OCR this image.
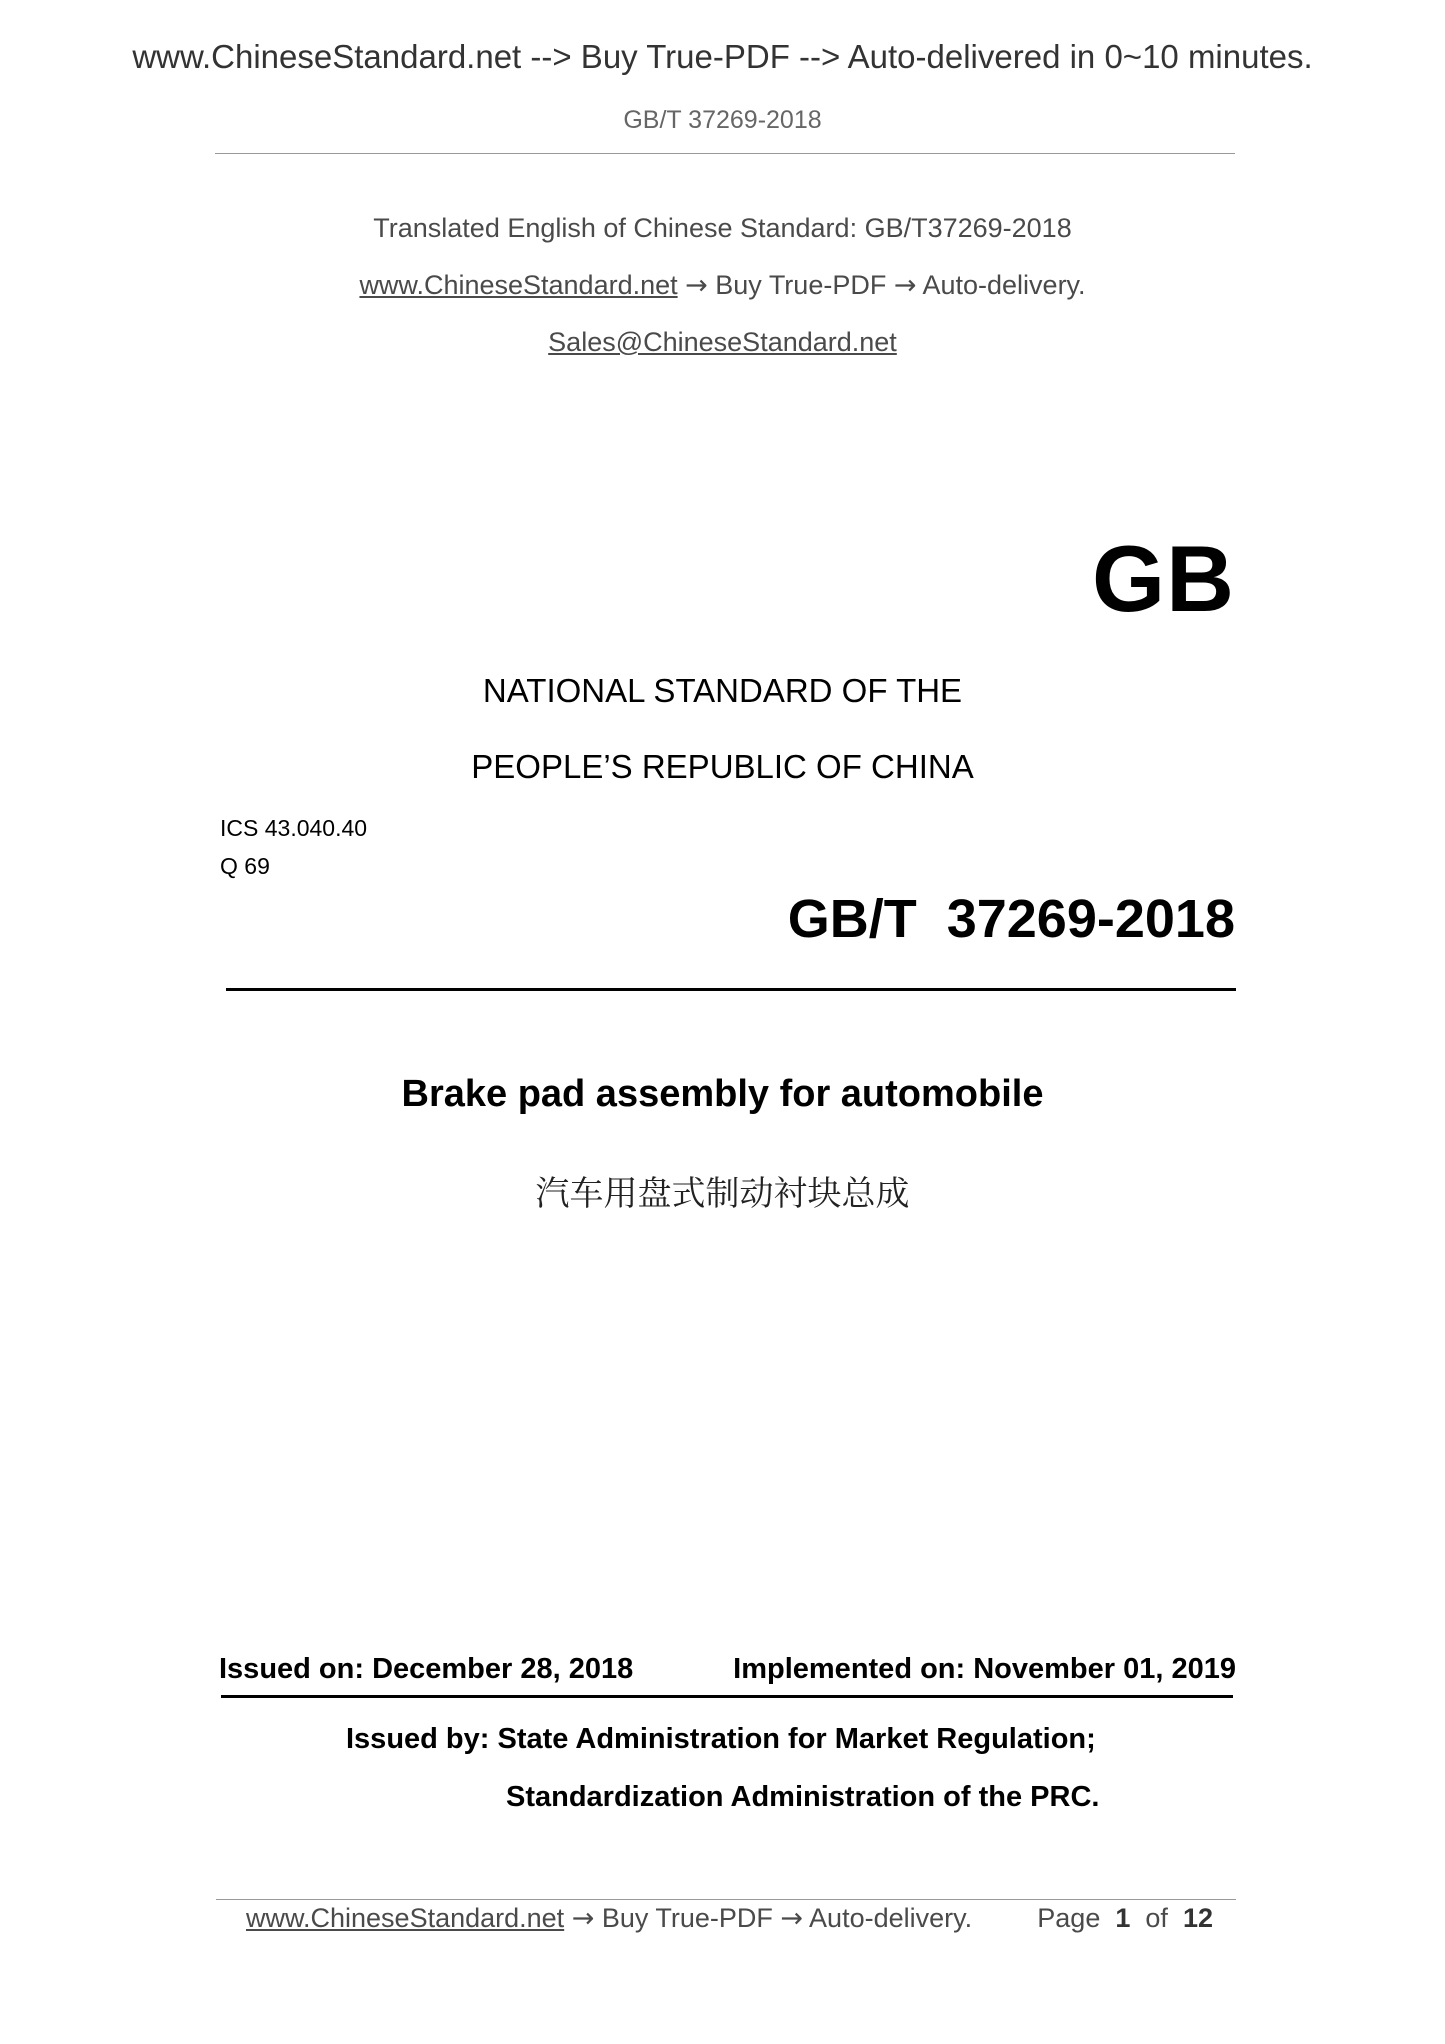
www.ChineseStandard.net --> Buy True-PDF --> Auto-delivered in 0~10 minutes.
GB/T 37269-2018
Translated English of Chinese Standard: GB/T37269-2018
www.ChineseStandard.net → Buy True-PDF → Auto-delivery.
Sales@ChineseStandard.net
GB
NATIONAL STANDARD OF THE
PEOPLE’S REPUBLIC OF CHINA
ICS 43.040.40
Q 69
GB/T  37269-2018
Brake pad assembly for automobile
汽车用盘式制动衬块总成
Issued on: December 28, 2018	Implemented on: November 01, 2019
Issued by: State Administration for Market Regulation;
Standardization Administration of the PRC.
www.ChineseStandard.net → Buy True-PDF → Auto-delivery. Page 1 of 12
